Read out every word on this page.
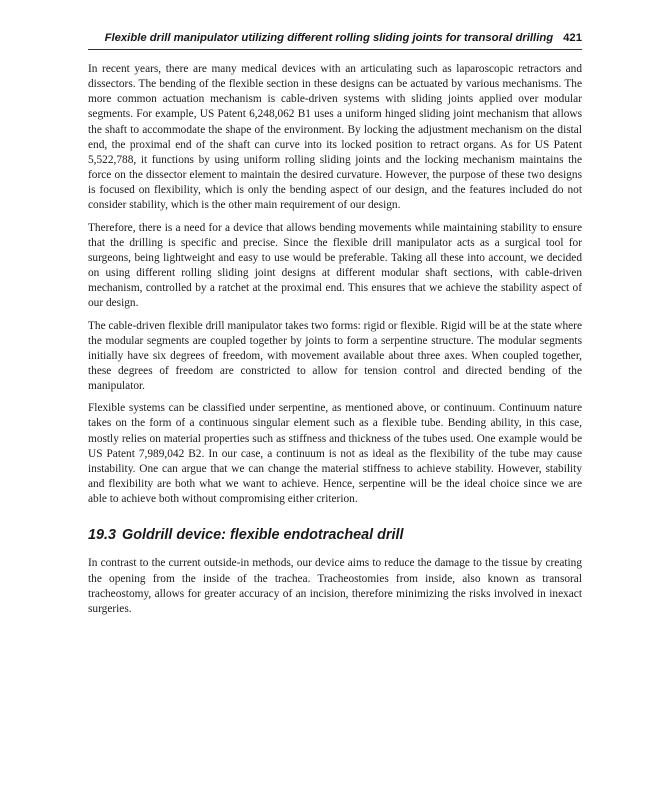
Flexible drill manipulator utilizing different rolling sliding joints for transoral drilling 421

In recent years, there are many medical devices with an articulating such as laparoscopic retractors and dissectors. The bending of the flexible section in these designs can be actuated by various mechanisms. The more common actuation mechanism is cable-driven systems with sliding joints applied over modular segments. For example, US Patent 6,248,062 B1 uses a uniform hinged sliding joint mechanism that allows the shaft to accommodate the shape of the environment. By locking the adjustment mechanism on the distal end, the proximal end of the shaft can curve into its locked position to retract organs. As for US Patent 5,522,788, it functions by using uniform rolling sliding joints and the locking mechanism maintains the force on the dissector element to maintain the desired curvature. However, the purpose of these two designs is focused on flexibility, which is only the bending aspect of our design, and the features included do not consider stability, which is the other main requirement of our design.

Therefore, there is a need for a device that allows bending movements while maintaining stability to ensure that the drilling is specific and precise. Since the flexible drill manipulator acts as a surgical tool for surgeons, being lightweight and easy to use would be preferable. Taking all these into account, we decided on using different rolling sliding joint designs at different modular shaft sections, with cable-driven mechanism, controlled by a ratchet at the proximal end. This ensures that we achieve the stability aspect of our design.

The cable-driven flexible drill manipulator takes two forms: rigid or flexible. Rigid will be at the state where the modular segments are coupled together by joints to form a serpentine structure. The modular segments initially have six degrees of freedom, with movement available about three axes. When coupled together, these degrees of freedom are constricted to allow for tension control and directed bending of the manipulator.

Flexible systems can be classified under serpentine, as mentioned above, or continuum. Continuum nature takes on the form of a continuous singular element such as a flexible tube. Bending ability, in this case, mostly relies on material properties such as stiffness and thickness of the tubes used. One example would be US Patent 7,989,042 B2. In our case, a continuum is not as ideal as the flexibility of the tube may cause instability. One can argue that we can change the material stiffness to achieve stability. However, stability and flexibility are both what we want to achieve. Hence, serpentine will be the ideal choice since we are able to achieve both without compromising either criterion.

19.3 Goldrill device: flexible endotracheal drill

In contrast to the current outside-in methods, our device aims to reduce the damage to the tissue by creating the opening from the inside of the trachea. Tracheostomies from inside, also known as transoral tracheostomy, allows for greater accuracy of an incision, therefore minimizing the risks involved in inexact surgeries.
